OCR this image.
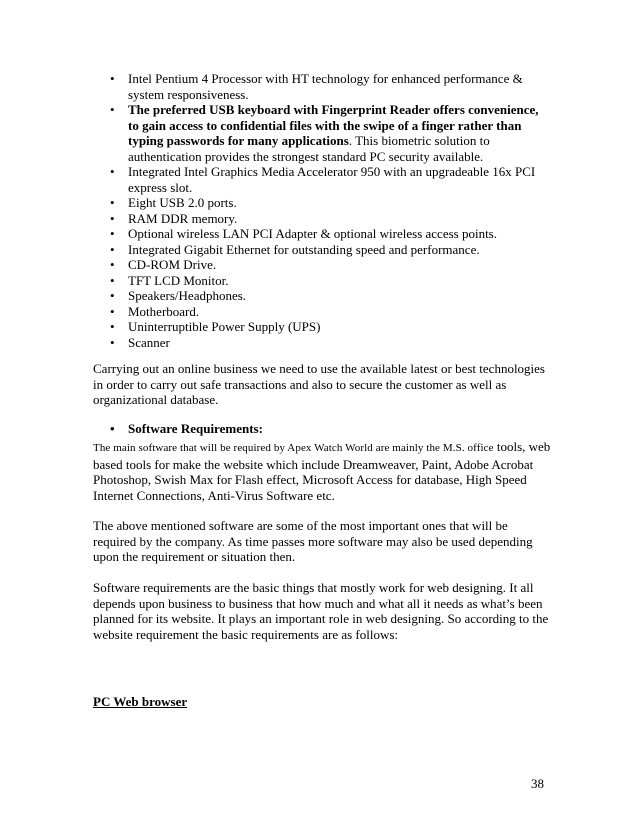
• Intel Pentium 4 Processor with HT technology for enhanced performance & system responsiveness.
• The preferred USB keyboard with Fingerprint Reader offers convenience, to gain access to confidential files with the swipe of a finger rather than typing passwords for many applications. This biometric solution to authentication provides the strongest standard PC security available.
• Integrated Intel Graphics Media Accelerator 950 with an upgradeable 16x PCI express slot.
• Eight USB 2.0 ports.
• RAM DDR memory.
• Optional wireless LAN PCI Adapter & optional wireless access points.
• Integrated Gigabit Ethernet for outstanding speed and performance.
• CD-ROM Drive.
• TFT LCD Monitor.
• Speakers/Headphones.
• Motherboard.
• Uninterruptible Power Supply (UPS)
• Scanner

Carrying out an online business we need to use the available latest or best technologies in order to carry out safe transactions and also to secure the customer as well as organizational database.

• Software Requirements:

The main software that will be required by Apex Watch World are mainly the M.S. office tools, web based tools for make the website which include Dreamweaver, Paint, Adobe Acrobat Photoshop, Swish Max for Flash effect, Microsoft Access for database, High Speed Internet Connections, Anti-Virus Software etc.

The above mentioned software are some of the most important ones that will be required by the company. As time passes more software may also be used depending upon the requirement or situation then.

Software requirements are the basic things that mostly work for web designing. It all depends upon business to business that how much and what all it needs as what’s been planned for its website. It plays an important role in web designing. So according to the website requirement the basic requirements are as follows:

PC Web browser
38
